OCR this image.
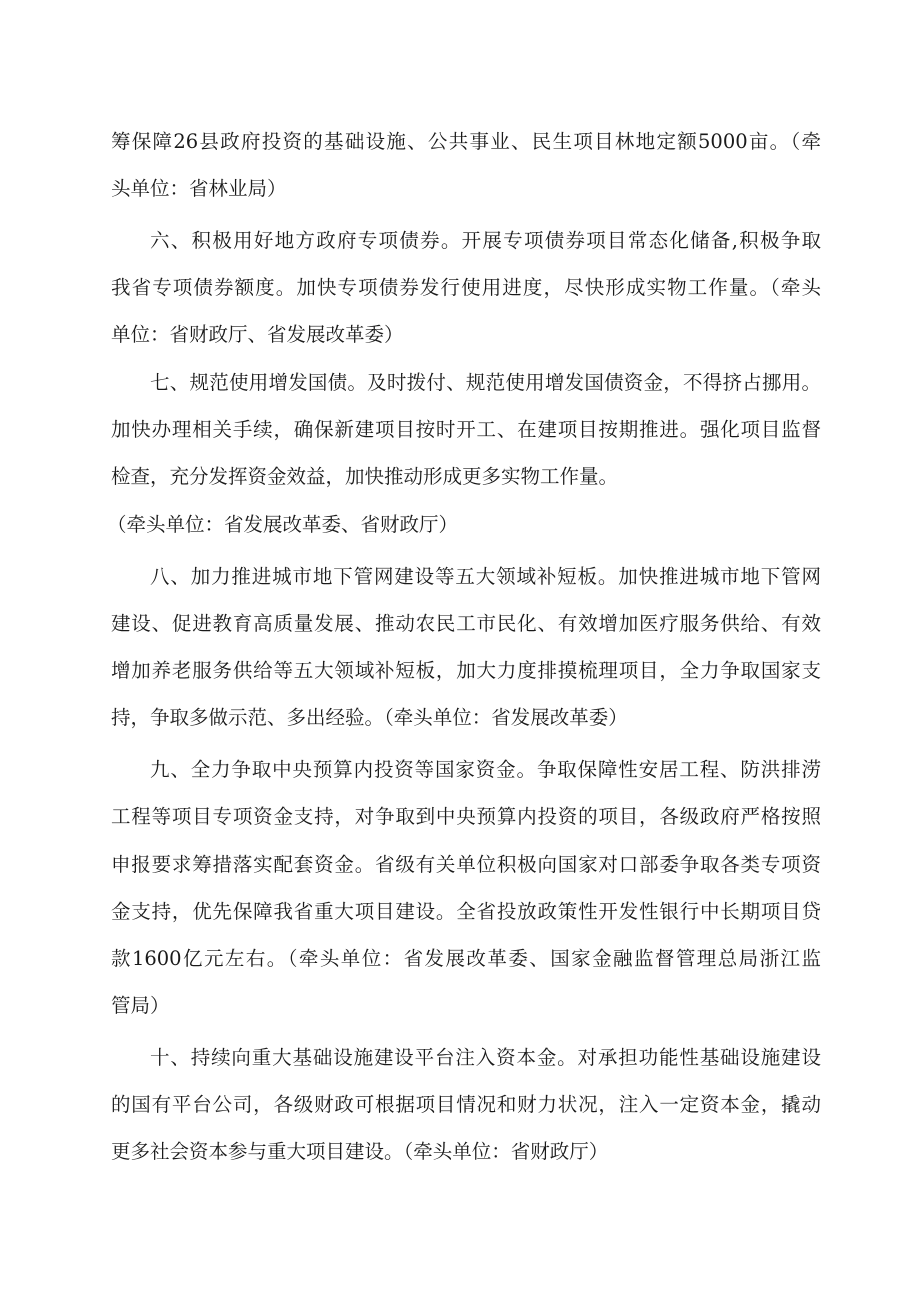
筹保障26县政府投资的基础设施、公共事业、民生项目林地定额5000亩。（牵
头单位：省林业局）
六、积极用好地方政府专项债券。开展专项债券项目常态化储备,积极争取
我省专项债券额度。加快专项债券发行使用进度，尽快形成实物工作量。（牵头
单位：省财政厅、省发展改革委）
七、规范使用增发国债。及时拨付、规范使用增发国债资金，不得挤占挪用。
加快办理相关手续，确保新建项目按时开工、在建项目按期推进。强化项目监督
检查，充分发挥资金效益，加快推动形成更多实物工作量。
（牵头单位：省发展改革委、省财政厅）
八、加力推进城市地下管网建设等五大领域补短板。加快推进城市地下管网
建设、促进教育高质量发展、推动农民工市民化、有效增加医疗服务供给、有效
增加养老服务供给等五大领域补短板，加大力度排摸梳理项目，全力争取国家支
持，争取多做示范、多出经验。（牵头单位：省发展改革委）
九、全力争取中央预算内投资等国家资金。争取保障性安居工程、防洪排涝
工程等项目专项资金支持，对争取到中央预算内投资的项目，各级政府严格按照
申报要求筹措落实配套资金。省级有关单位积极向国家对口部委争取各类专项资
金支持，优先保障我省重大项目建设。全省投放政策性开发性银行中长期项目贷
款1600亿元左右。（牵头单位：省发展改革委、国家金融监督管理总局浙江监
管局）
十、持续向重大基础设施建设平台注入资本金。对承担功能性基础设施建设
的国有平台公司，各级财政可根据项目情况和财力状况，注入一定资本金，撬动
更多社会资本参与重大项目建设。（牵头单位：省财政厅）
